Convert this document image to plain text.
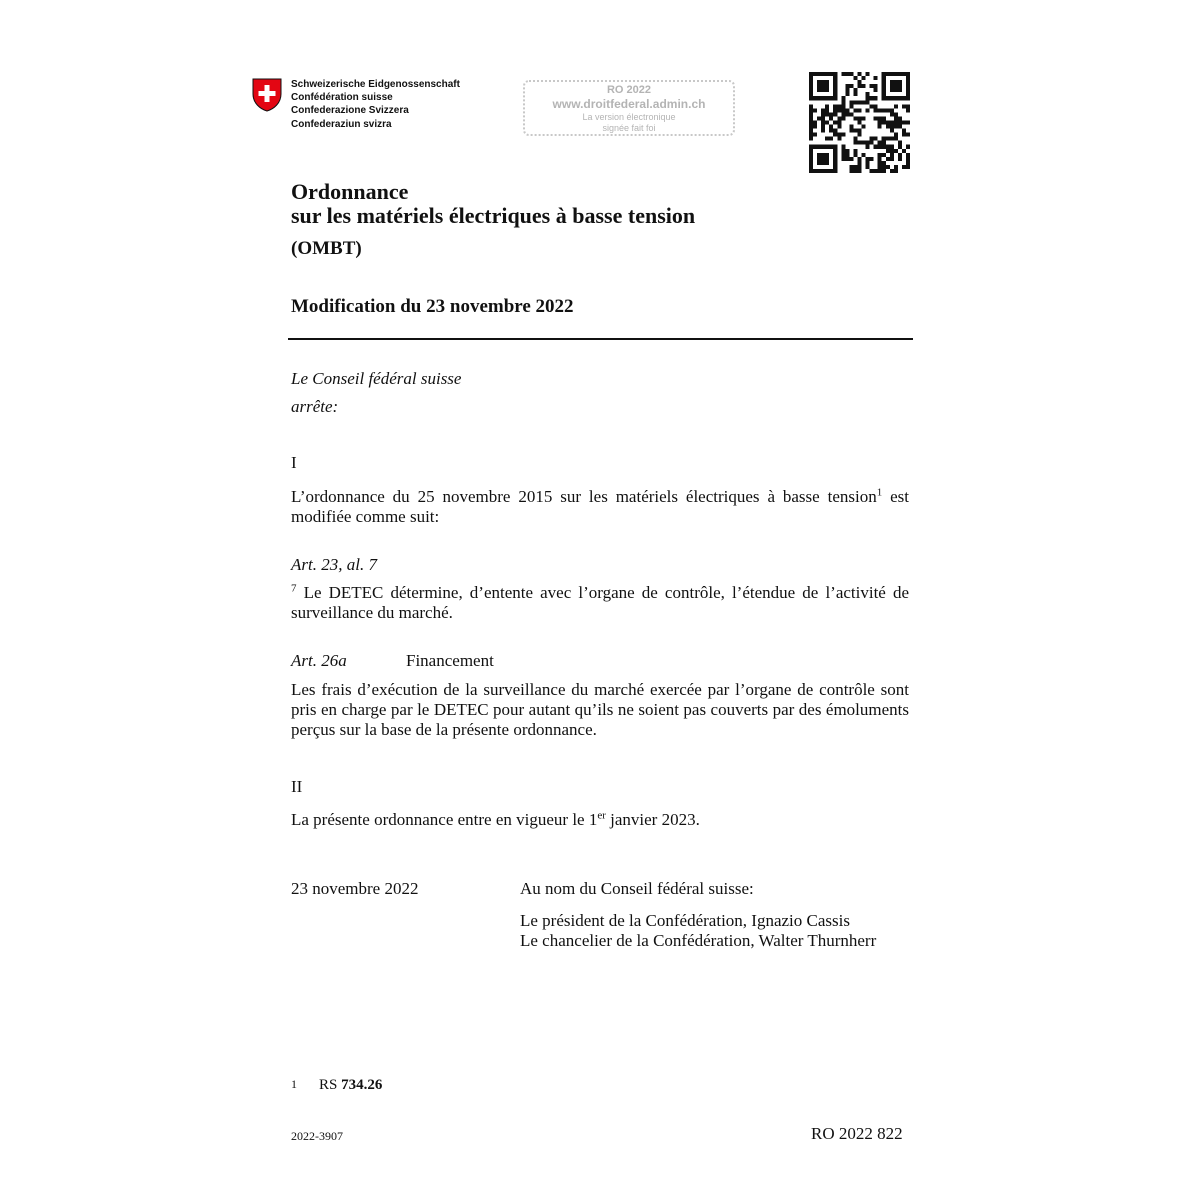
Schweizerische Eidgenossenschaft
Confédération suisse
Confederazione Svizzera
Confederaziun svizra
RO 2022
www.droitfederal.admin.ch
La version électronique
signée fait foi
Ordonnance
sur les matériels électriques à basse tension
(OMBT)
Modification du 23 novembre 2022
Le Conseil fédéral suisse
arrête:
I

L’ordonnance du 25 novembre 2015 sur les matériels électriques à basse tension$^1$ est modifiée comme suit:

Art. 23, al. 7

$^7$ Le DETEC détermine, d’entente avec l’organe de contrôle, l’étendue de l’activité de surveillance du marché.

Art. 26a	Financement

Les frais d’exécution de la surveillance du marché exercée par l’organe de contrôle sont pris en charge par le DETEC pour autant qu’ils ne soient pas couverts par des émoluments perçus sur la base de la présente ordonnance.

II
La présente ordonnance entre en vigueur le 1er janvier 2023.
23 novembre 2022	Au nom du Conseil fédéral suisse:
Le président de la Confédération, Ignazio Cassis
Le chancelier de la Confédération, Walter Thurnherr
$^1$ RS 734.26
2022-3907	RO 2022 822
